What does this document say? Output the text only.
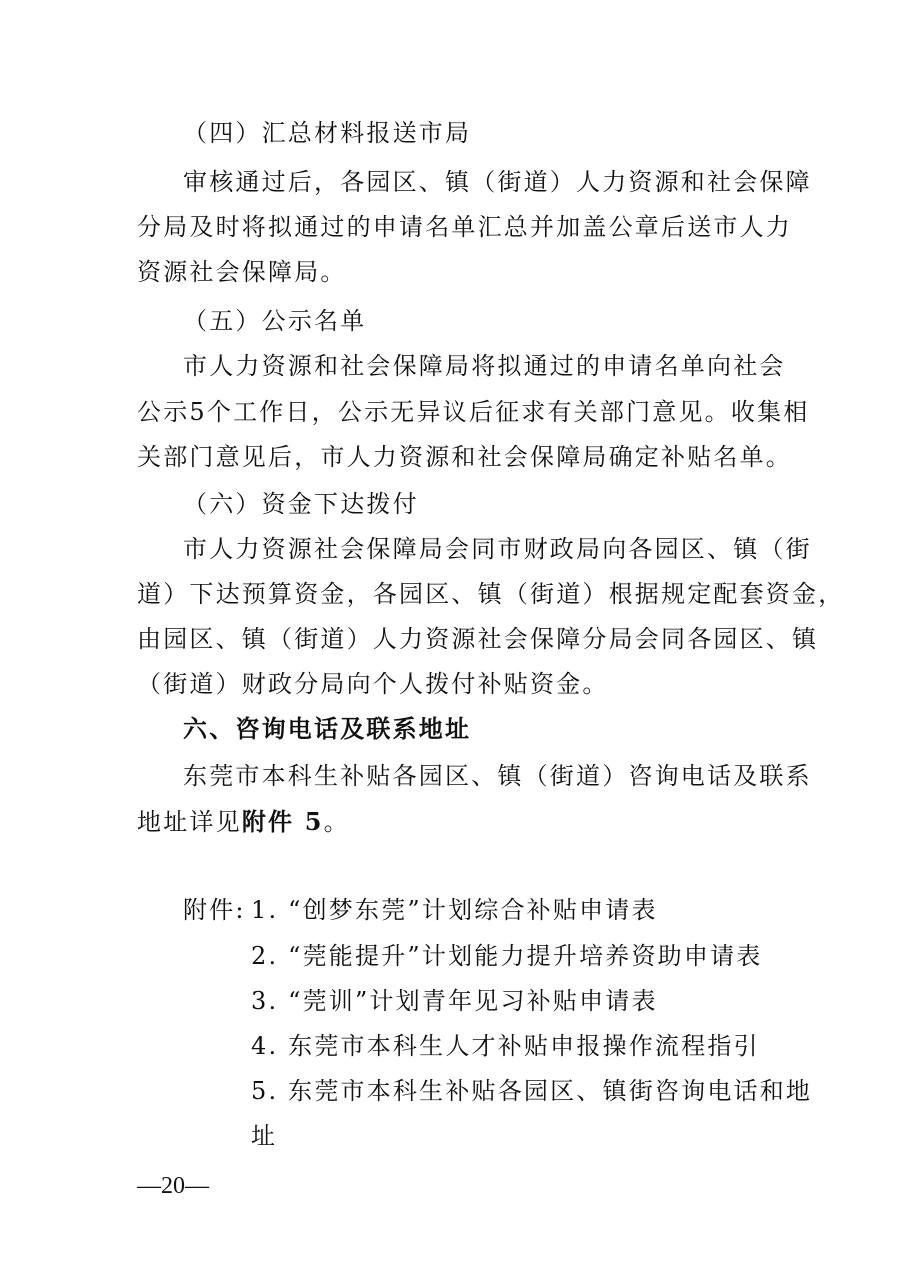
（四）汇总材料报送市局
审核通过后，各园区、镇（街道）人力资源和社会保障
分局及时将拟通过的申请名单汇总并加盖公章后送市人力
资源社会保障局。
（五）公示名单
市人力资源和社会保障局将拟通过的申请名单向社会
公示5个工作日，公示无异议后征求有关部门意见。收集相
关部门意见后，市人力资源和社会保障局确定补贴名单。
（六）资金下达拨付
市人力资源社会保障局会同市财政局向各园区、镇（街
道）下达预算资金，各园区、镇（街道）根据规定配套资金，
由园区、镇（街道）人力资源社会保障分局会同各园区、镇
（街道）财政分局向个人拨付补贴资金。
六、咨询电话及联系地址
东莞市本科生补贴各园区、镇（街道）咨询电话及联系
地址详见附件 5。
附件: 1. “创梦东莞”计划综合补贴申请表
2. “莞能提升”计划能力提升培养资助申请表
3. “莞训”计划青年见习补贴申请表
4. 东莞市本科生人才补贴申报操作流程指引
5. 东莞市本科生补贴各园区、镇街咨询电话和地
址
—20—
